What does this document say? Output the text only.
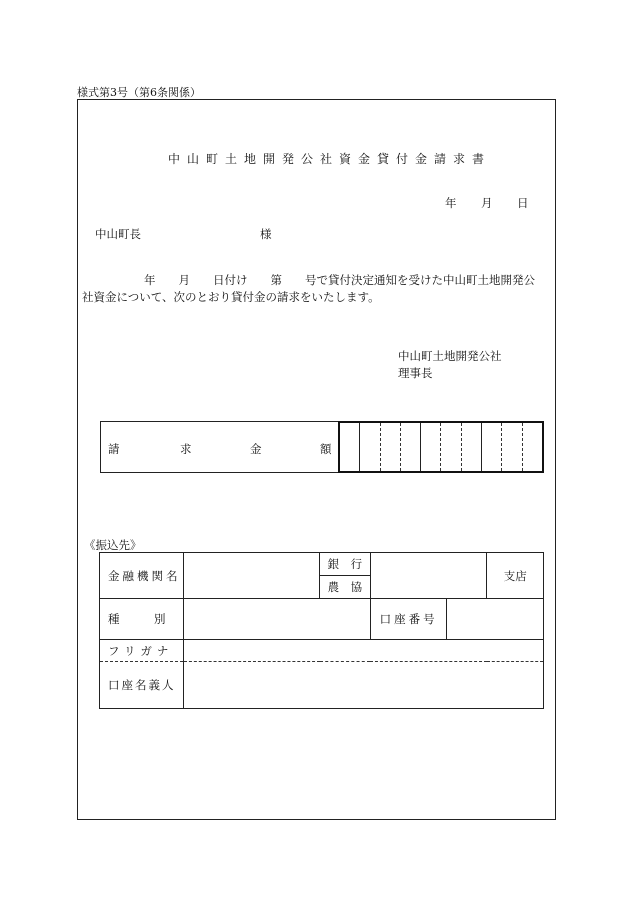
様式第3号（第6条関係）
中山町土地開発公社資金貸付金請求書
年 月 日
中山町長	様
年　　月　　日付け　　第　　号で貸付決定通知を受けた中山町土地開発公
社資金について、次のとおり貸付金の請求をいたします。
中山町土地開発公社
理事長
請	求	金	額
《振込先》
金融機関名		銀　行		支店
		農　協		
種　　　別			口座番号	

フリガナ				
口座名義人				
